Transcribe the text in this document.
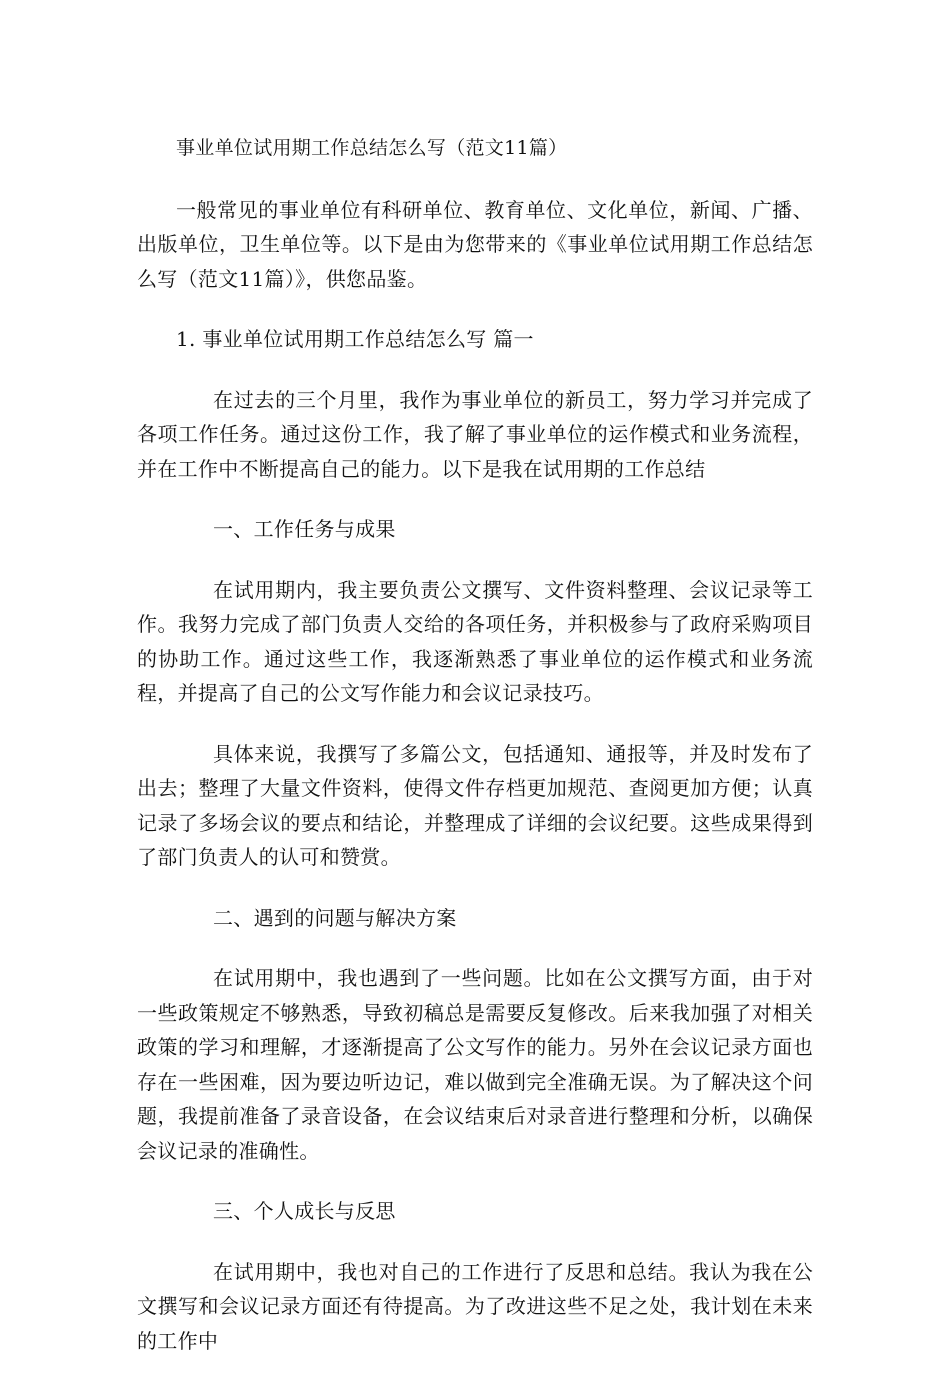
事业单位试用期工作总结怎么写（范文11篇）

一般常见的事业单位有科研单位、教育单位、文化单位，新闻、广播、出版单位，卫生单位等。以下是由为您带来的《事业单位试用期工作总结怎么写（范文11篇）》，供您品鉴。

1. 事业单位试用期工作总结怎么写 篇一

在过去的三个月里，我作为事业单位的新员工，努力学习并完成了各项工作任务。通过这份工作，我了解了事业单位的运作模式和业务流程，并在工作中不断提高自己的能力。以下是我在试用期的工作总结

一、工作任务与成果

在试用期内，我主要负责公文撰写、文件资料整理、会议记录等工作。我努力完成了部门负责人交给的各项任务，并积极参与了政府采购项目的协助工作。通过这些工作，我逐渐熟悉了事业单位的运作模式和业务流程，并提高了自己的公文写作能力和会议记录技巧。

具体来说，我撰写了多篇公文，包括通知、通报等，并及时发布了出去；整理了大量文件资料，使得文件存档更加规范、查阅更加方便；认真记录了多场会议的要点和结论，并整理成了详细的会议纪要。这些成果得到了部门负责人的认可和赞赏。

二、遇到的问题与解决方案

在试用期中，我也遇到了一些问题。比如在公文撰写方面，由于对一些政策规定不够熟悉，导致初稿总是需要反复修改。后来我加强了对相关政策的学习和理解，才逐渐提高了公文写作的能力。另外在会议记录方面也存在一些困难，因为要边听边记，难以做到完全准确无误。为了解决这个问题，我提前准备了录音设备，在会议结束后对录音进行整理和分析，以确保会议记录的准确性。

三、个人成长与反思

在试用期中，我也对自己的工作进行了反思和总结。我认为我在公文撰写和会议记录方面还有待提高。为了改进这些不足之处，我计划在未来的工作中
